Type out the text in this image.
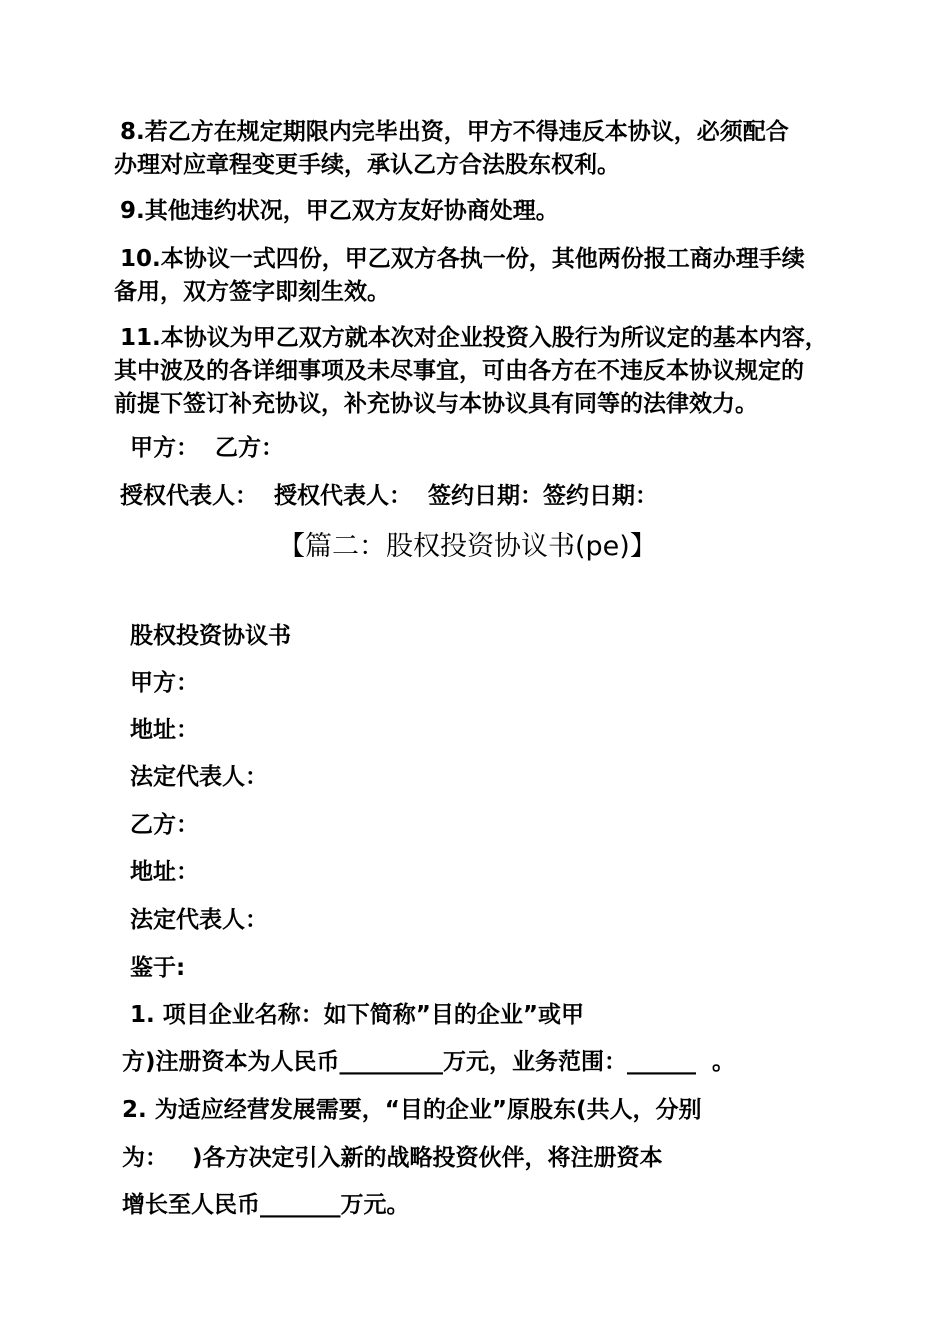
8.若乙方在规定期限内完毕出资，甲方不得违反本协议，必须配合

办理对应章程变更手续，承认乙方合法股东权利。

9.其他违约状况，甲乙双方友好协商处理。

10.本协议一式四份，甲乙双方各执一份，其他两份报工商办理手续

备用，双方签字即刻生效。

11.本协议为甲乙双方就本次对企业投资入股行为所议定的基本内容，

其中波及的各详细事项及未尽事宜，可由各方在不违反本协议规定的

前提下签订补充协议，补充协议与本协议具有同等的法律效力。

甲方：  乙方：

授权代表人：  授权代表人：  签约日期：签约日期：

【篇二：股权投资协议书(pe)】

股权投资协议书

甲方：

地址：

法定代表人：

乙方：

地址：

法定代表人：

鉴于:

1. 项目企业名称：如下简称”目的企业”或甲

方)注册资本为人民币_________万元，业务范围：______  。

2. 为适应经营发展需要，“目的企业”原股东(共人，分别

为：   )各方决定引入新的战略投资伙伴，将注册资本

增长至人民币_______万元。
